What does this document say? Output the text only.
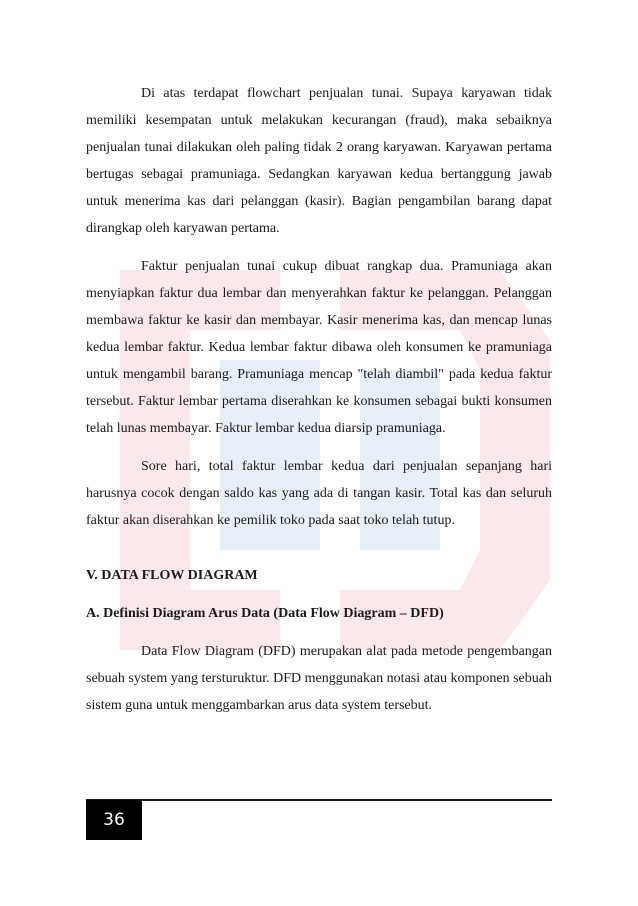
Di atas terdapat flowchart penjualan tunai. Supaya karyawan tidak memiliki kesempatan untuk melakukan kecurangan (fraud), maka sebaiknya penjualan tunai dilakukan oleh paling tidak 2 orang karyawan. Karyawan pertama bertugas sebagai pramuniaga. Sedangkan karyawan kedua bertanggung jawab untuk menerima kas dari pelanggan (kasir). Bagian pengambilan barang dapat dirangkap oleh karyawan pertama.

Faktur penjualan tunai cukup dibuat rangkap dua. Pramuniaga akan menyiapkan faktur dua lembar dan menyerahkan faktur ke pelanggan. Pelanggan membawa faktur ke kasir dan membayar. Kasir menerima kas, dan mencap lunas kedua lembar faktur. Kedua lembar faktur dibawa oleh konsumen ke pramuniaga untuk mengambil barang. Pramuniaga mencap "telah diambil" pada kedua faktur tersebut. Faktur lembar pertama diserahkan ke konsumen sebagai bukti konsumen telah lunas membayar. Faktur lembar kedua diarsip pramuniaga.

Sore hari, total faktur lembar kedua dari penjualan sepanjang hari harusnya cocok dengan saldo kas yang ada di tangan kasir. Total kas dan seluruh faktur akan diserahkan ke pemilik toko pada saat toko telah tutup.

V. DATA FLOW DIAGRAM
A. Definisi Diagram Arus Data (Data Flow Diagram – DFD)

Data Flow Diagram (DFD) merupakan alat pada metode pengembangan sebuah system yang tersturuktur. DFD menggunakan notasi atau komponen sebuah sistem guna untuk menggambarkan arus data system tersebut.

36
